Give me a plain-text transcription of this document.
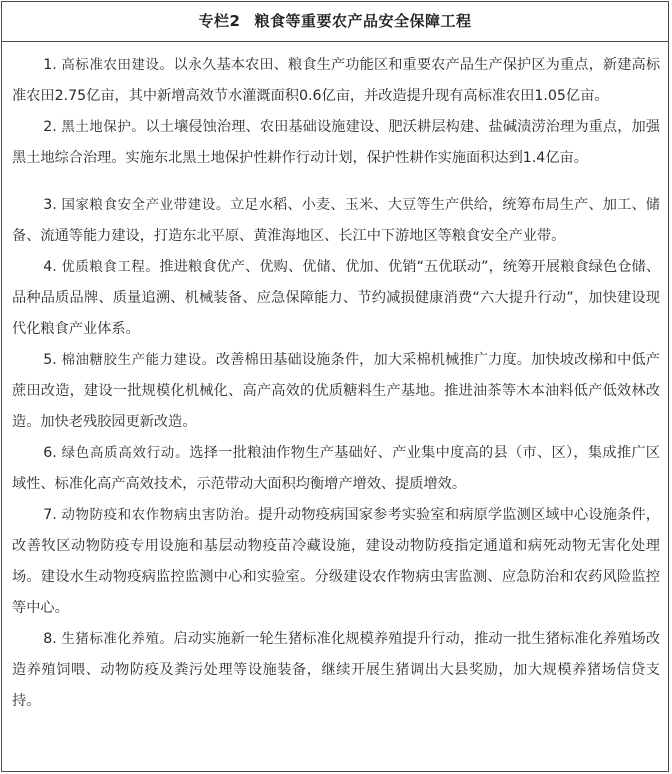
专栏2 粮食等重要农产品安全保障工程

1. 高标准农田建设。以永久基本农田、粮食生产功能区和重要农产品生产保护区为重点，新建高标准农田2.75亿亩，其中新增高效节水灌溉面积0.6亿亩，并改造提升现有高标准农田1.05亿亩。

2. 黑土地保护。以土壤侵蚀治理、农田基础设施建设、肥沃耕层构建、盐碱渍涝治理为重点，加强黑土地综合治理。实施东北黑土地保护性耕作行动计划，保护性耕作实施面积达到1.4亿亩。

3. 国家粮食安全产业带建设。立足水稻、小麦、玉米、大豆等生产供给，统筹布局生产、加工、储备、流通等能力建设，打造东北平原、黄淮海地区、长江中下游地区等粮食安全产业带。

4. 优质粮食工程。推进粮食优产、优购、优储、优加、优销“五优联动”，统筹开展粮食绿色仓储、品种品质品牌、质量追溯、机械装备、应急保障能力、节约减损健康消费“六大提升行动”，加快建设现代化粮食产业体系。

5. 棉油糖胶生产能力建设。改善棉田基础设施条件，加大采棉机械推广力度。加快坡改梯和中低产蔗田改造，建设一批规模化机械化、高产高效的优质糖料生产基地。推进油茶等木本油料低产低效林改造。加快老残胶园更新改造。

6. 绿色高质高效行动。选择一批粮油作物生产基础好、产业集中度高的县（市、区），集成推广区域性、标准化高产高效技术，示范带动大面积均衡增产增效、提质增效。

7. 动物防疫和农作物病虫害防治。提升动物疫病国家参考实验室和病原学监测区域中心设施条件，改善牧区动物防疫专用设施和基层动物疫苗冷藏设施，建设动物防疫指定通道和病死动物无害化处理场。建设水生动物疫病监控监测中心和实验室。分级建设农作物病虫害监测、应急防治和农药风险监控等中心。

8. 生猪标准化养殖。启动实施新一轮生猪标准化规模养殖提升行动，推动一批生猪标准化养殖场改造养殖饲喂、动物防疫及粪污处理等设施装备，继续开展生猪调出大县奖励，加大规模养猪场信贷支持。
